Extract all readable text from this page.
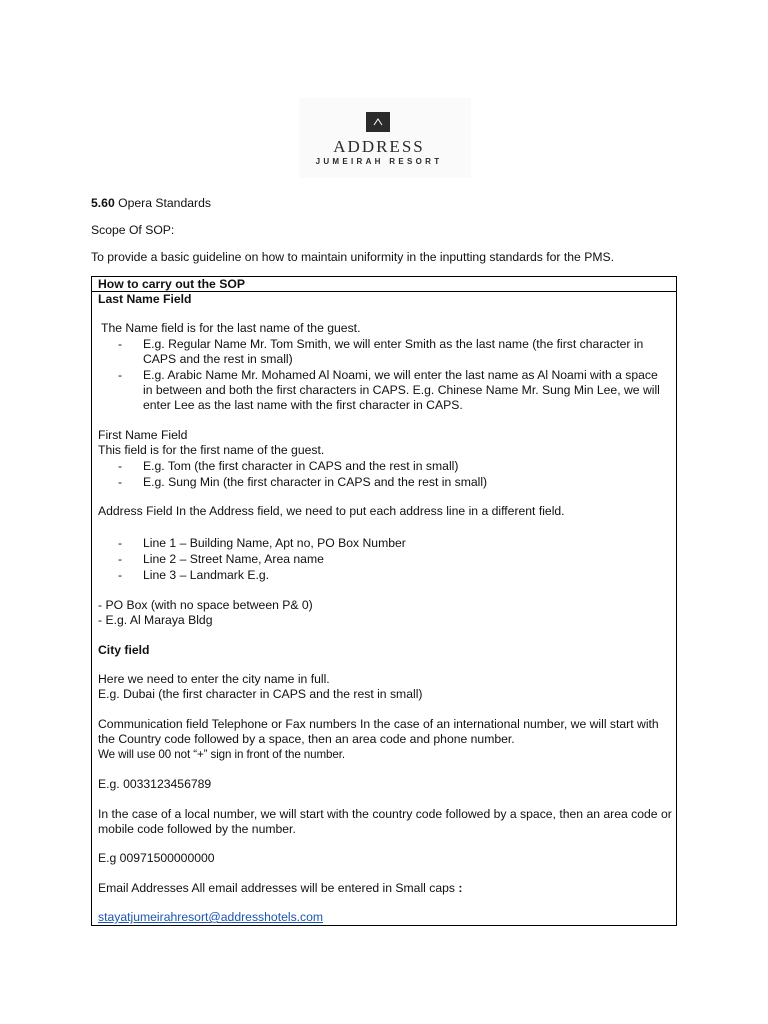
ADDRESS
JUMEIRAH RESORT
5.60 Opera Standards
Scope Of SOP:
To provide a basic guideline on how to maintain uniformity in the inputting standards for the PMS.
How to carry out the SOP
Last Name Field
The Name field is for the last name of the guest.
- E.g. Regular Name Mr. Tom Smith, we will enter Smith as the last name (the first character in CAPS and the rest in small)
- E.g. Arabic Name Mr. Mohamed Al Noami, we will enter the last name as Al Noami with a space in between and both the first characters in CAPS. E.g. Chinese Name Mr. Sung Min Lee, we will enter Lee as the last name with the first character in CAPS.
First Name Field
This field is for the first name of the guest.
- E.g. Tom (the first character in CAPS and the rest in small)
- E.g. Sung Min (the first character in CAPS and the rest in small)
Address Field In the Address field, we need to put each address line in a different field.
- Line 1 – Building Name, Apt no, PO Box Number
- Line 2 – Street Name, Area name
- Line 3 – Landmark E.g.
- PO Box (with no space between P& 0)
- E.g. Al Maraya Bldg
City field
Here we need to enter the city name in full.
E.g. Dubai (the first character in CAPS and the rest in small)
Communication field Telephone or Fax numbers In the case of an international number, we will start with the Country code followed by a space, then an area code and phone number.
We will use 00 not “+” sign in front of the number.
E.g. 0033123456789
In the case of a local number, we will start with the country code followed by a space, then an area code or mobile code followed by the number.
E.g 00971500000000
Email Addresses All email addresses will be entered in Small caps :
stayatjumeirahresort@addresshotels.com
